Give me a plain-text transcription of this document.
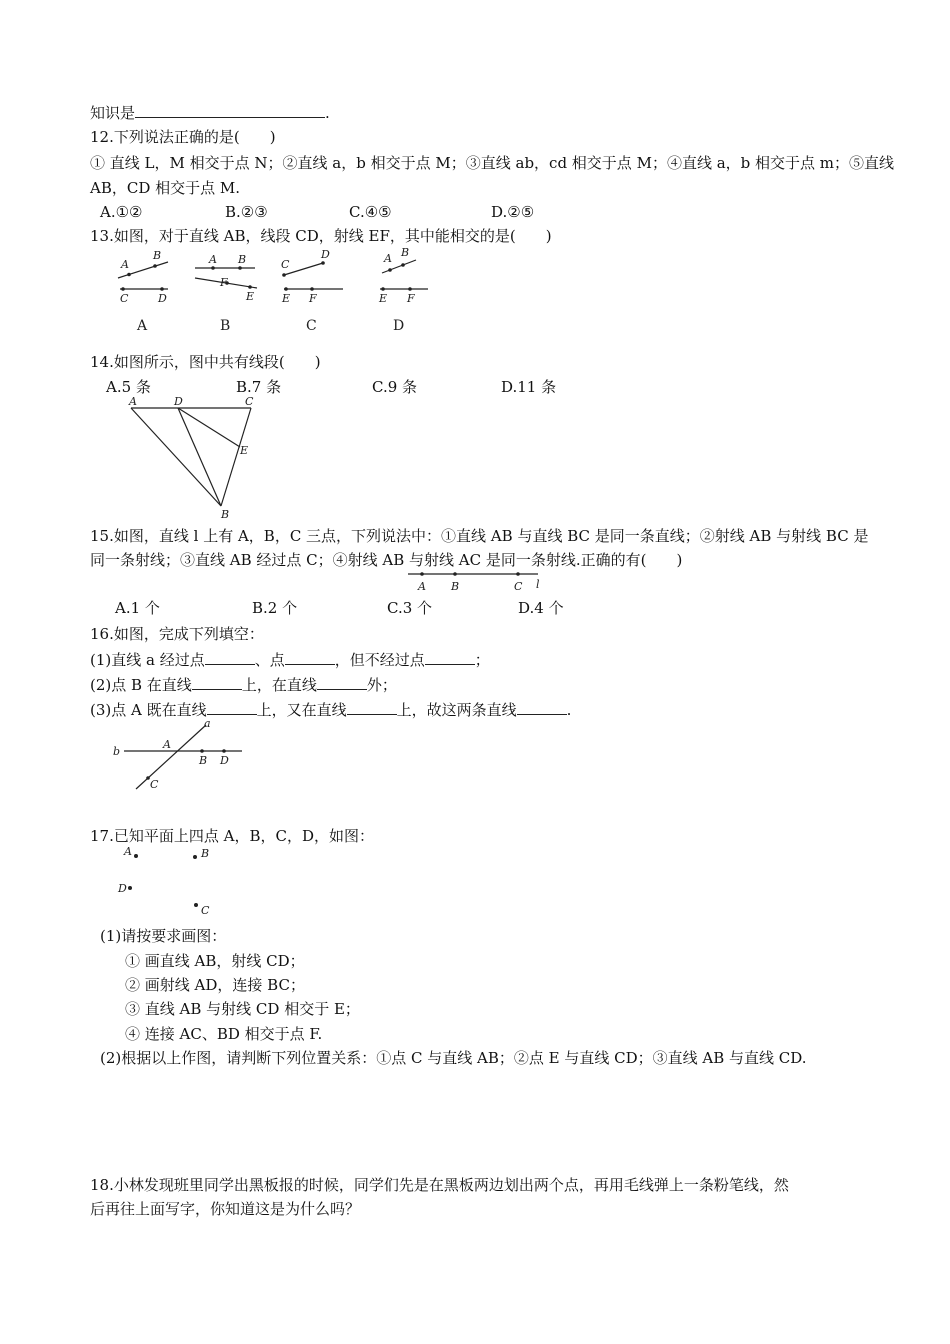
知识是	.
12.下列说法正确的是(　　)
① 直线 L，M 相交于点 N；②直线 a，b 相交于点 M；③直线 ab，cd 相交于点 M；④直线 a，b 相交于点 m；⑤直线
AB，CD 相交于点 M.
A.①②	B.②③	C.④⑤	D.②⑤
13.如图，对于直线 AB，线段 CD，射线 EF，其中能相交的是(　　)
A
B
C	D
A
A B
F
E
B
C
D
E F
C
A B
E F
D
14.如图所示，图中共有线段(　　)
A.5 条	B.7 条	C.9 条	D.11 条
A	D	C
E
B
15.如图，直线 l 上有 A，B，C 三点，下列说法中：①直线 AB 与直线 BC 是同一条直线；②射线 AB 与射线 BC 是
同一条射线；③直线 AB 经过点 C；④射线 AB 与射线 AC 是同一条射线.正确的有(　　)
A B	C l
A.1 个	B.2 个	C.3 个	D.4 个
16.如图，完成下列填空：
(1)直线 a 经过点	、点	，但不经过点	；
(2)点 B 在直线	上，在直线	外；
(3)点 A 既在直线	上，又在直线	上，故这两条直线	.
a
b
A
B D
C
17.已知平面上四点 A，B，C，D，如图：
A	B
D
C
(1)请按要求画图：
① 画直线 AB，射线 CD；
② 画射线 AD，连接 BC；
③ 直线 AB 与射线 CD 相交于 E；
④ 连接 AC、BD 相交于点 F.
(2)根据以上作图，请判断下列位置关系：①点 C 与直线 AB；②点 E 与直线 CD；③直线 AB 与直线 CD.
18.小林发现班里同学出黑板报的时候，同学们先是在黑板两边划出两个点，再用毛线弹上一条粉笔线，然
后再往上面写字，你知道这是为什么吗？
